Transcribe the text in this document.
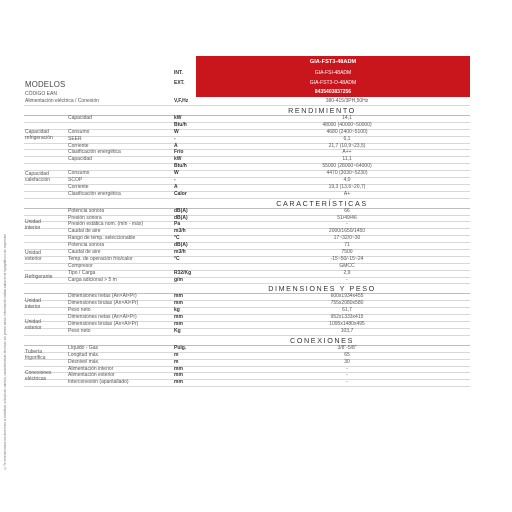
©Te reserva todos los derechos a modificar, a título de cambio, características técnicas sin previo aviso. Información válida salvo error tipográfico o de impresión
MODELOS
CÓDIGO EAN
GIA-FST3-48ADM
INT.	GIA-FSI-48ADM
EXT.	GIA-FST3-O-48ADM
8435403837256
Alimentación eléctrica / Conexión	V,F,Hz	380-415/3PH,50Hz
RENDIMIENTO
Capacidad	kW	14,1
Btu/h	48000 (40000~50000)
Consumo	W	4680 (2400~5100)
SEER	-	6,1
Corriente	A	21,7 (10,9~23,5)
Clasificación energética	Frío	A++
Capacidad
refrigeración
Capacidad	kW	11,1
Btu/h	55000 (28000~64000)
Consumo	W	4470 (3030~5230)
SCOP	-	4,0
Corriente	A	19,3 (13,6~20,7)
Clasificación energética	Calor	A+
Capacidad
calefacción
CARACTERÍSTICAS
Potencia sonora	dB(A)	66
Presión sonora	dB(A)	51/49/46
Presión estática nom. (mín - máx)	Pa	-
Caudal de aire	m3/h	2000/1650/1450
Rango de temp. seleccionable	°C	17~32/0~30
Unidad
interior
Potencia sonora	dB(A)	71
Caudal de aire	m3/h	7500
Temp. de operación frío/calor	°C	-15~50/-15~24
Compresor	GMCC
Unidad
exterior
Tipo / Carga	R32/Kg	2,9
Carga adicional > 5 m	g/m	-
Refrigerante
DIMENSIONES Y PESO
Dimensiones netas (An×Al×Pr)	mm	600x1934x455
Dimensiones brutas (An×Al×Pr)	mm	755x2080x580
Peso neto	kg	61,7
Unidad
interior
Dimensiones netas (An×Al×Pr)	mm	952x1333x415
Dimensiones brutas (An×Al×Pr)	mm	1095x1480x495
Peso neto	Kg	103,7
Unidad
exterior
CONEXIONES
Líquido - Gas	Pulg.	3/8"-5/8"
Longitud máx.	m	65
Desnivel máx.	m	30
Tubería
frigorífica
Alimentación interior	mm	-
Alimentación exterior	mm	-
Interconexión (apantallado)	mm	-
Conexiones
eléctricas
